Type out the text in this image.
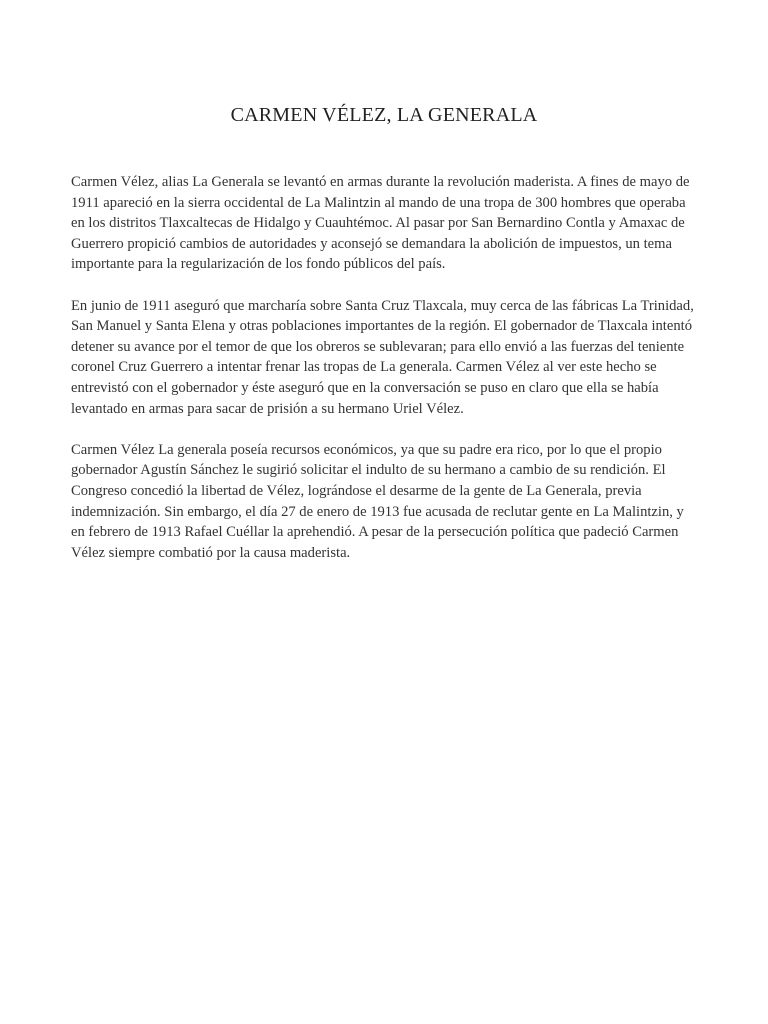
CARMEN VÉLEZ, LA GENERALA

Carmen Vélez, alias La Generala se levantó en armas durante la revolución maderista. A fines de mayo de 1911 apareció en la sierra occidental de La Malintzin al mando de una tropa de 300 hombres que operaba en los distritos Tlaxcaltecas de Hidalgo y Cuauhtémoc. Al pasar por San Bernardino Contla y Amaxac de Guerrero propició cambios de autoridades y aconsejó se demandara la abolición de impuestos, un tema importante para la regularización de los fondo públicos del país.

En junio de 1911 aseguró que marcharía sobre Santa Cruz Tlaxcala, muy cerca de las fábricas La Trinidad, San Manuel y Santa Elena y otras poblaciones importantes de la región. El gobernador de Tlaxcala intentó detener su avance por el temor de que los obreros se sublevaran; para ello envió a las fuerzas del teniente coronel Cruz Guerrero a intentar frenar las tropas de La generala. Carmen Vélez al ver este hecho se entrevistó con el gobernador y éste aseguró que en la conversación se puso en claro que ella se había levantado en armas para sacar de prisión a su hermano Uriel Vélez.

Carmen Vélez La generala poseía recursos económicos, ya que su padre era rico, por lo que el propio gobernador Agustín Sánchez le sugirió solicitar el indulto de su hermano a cambio de su rendición. El Congreso concedió la libertad de Vélez, lográndose el desarme de la gente de La Generala, previa indemnización. Sin embargo, el día 27 de enero de 1913 fue acusada de reclutar gente en La Malintzin, y en febrero de 1913 Rafael Cuéllar la aprehendió. A pesar de la persecución política que padeció Carmen Vélez siempre combatió por la causa maderista.
